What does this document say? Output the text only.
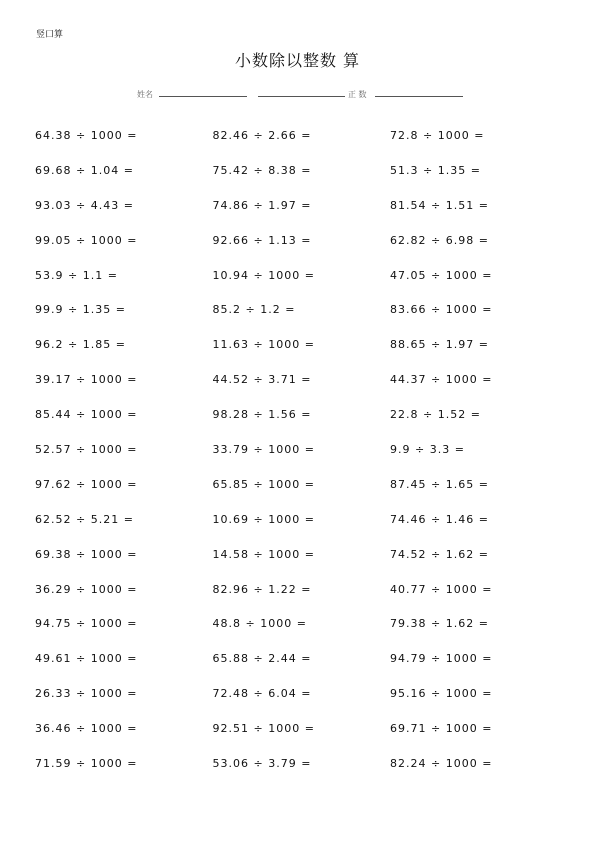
竖口算
小数除以整数 算
姓名	正 数
64.38 ÷ 1000 =	82.46 ÷ 2.66 =	72.8 ÷ 1000 =
69.68 ÷ 1.04 =	75.42 ÷ 8.38 =	51.3 ÷ 1.35 =
93.03 ÷ 4.43 =	74.86 ÷ 1.97 =	81.54 ÷ 1.51 =
99.05 ÷ 1000 =	92.66 ÷ 1.13 =	62.82 ÷ 6.98 =
53.9 ÷ 1.1 =	10.94 ÷ 1000 =	47.05 ÷ 1000 =
99.9 ÷ 1.35 =	85.2 ÷ 1.2 =	83.66 ÷ 1000 =
96.2 ÷ 1.85 =	11.63 ÷ 1000 =	88.65 ÷ 1.97 =
39.17 ÷ 1000 =	44.52 ÷ 3.71 =	44.37 ÷ 1000 =
85.44 ÷ 1000 =	98.28 ÷ 1.56 =	22.8 ÷ 1.52 =
52.57 ÷ 1000 =	33.79 ÷ 1000 =	9.9 ÷ 3.3 =
97.62 ÷ 1000 =	65.85 ÷ 1000 =	87.45 ÷ 1.65 =
62.52 ÷ 5.21 =	10.69 ÷ 1000 =	74.46 ÷ 1.46 =
69.38 ÷ 1000 =	14.58 ÷ 1000 =	74.52 ÷ 1.62 =
36.29 ÷ 1000 =	82.96 ÷ 1.22 =	40.77 ÷ 1000 =
94.75 ÷ 1000 =	48.8 ÷ 1000 =	79.38 ÷ 1.62 =
49.61 ÷ 1000 =	65.88 ÷ 2.44 =	94.79 ÷ 1000 =
26.33 ÷ 1000 =	72.48 ÷ 6.04 =	95.16 ÷ 1000 =
36.46 ÷ 1000 =	92.51 ÷ 1000 =	69.71 ÷ 1000 =
71.59 ÷ 1000 =	53.06 ÷ 3.79 =	82.24 ÷ 1000 =
